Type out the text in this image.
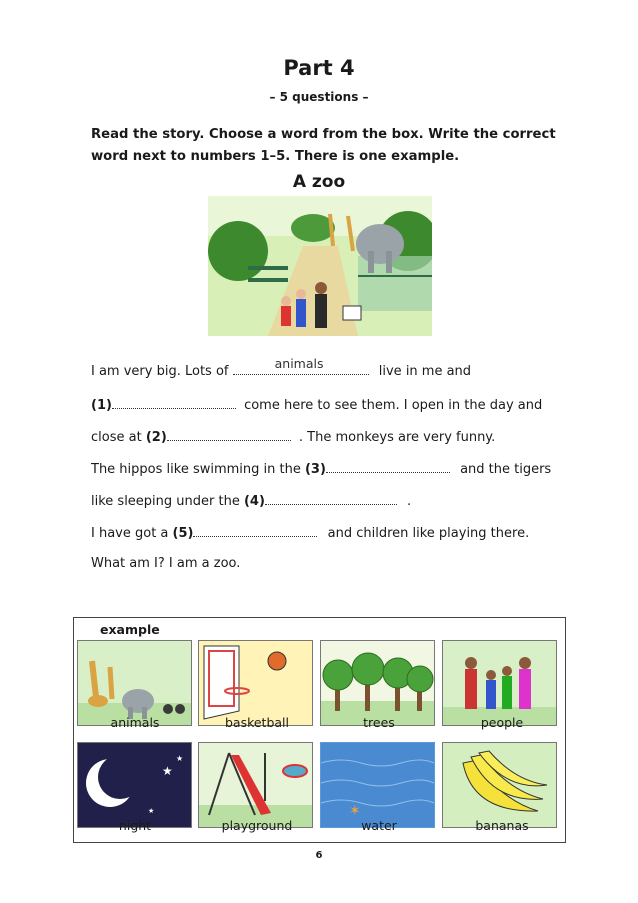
Part 4
– 5 questions –
Read the story. Choose a word from the box. Write the correct word next to numbers 1–5. There is one example.
A zoo
I am very big. Lots of
animals
live in me and
(1)	come here to see them. I open in the day and
close at (2)	. The monkeys are very funny.
The hippos like swimming in the (3)	and the tigers
like sleeping under the (4)	.
I have got a (5)	and children like playing there.
What am I? I am a zoo.
example
animals	basketball	trees	people
★
★
★	✶
night	playground	water	bananas
6
